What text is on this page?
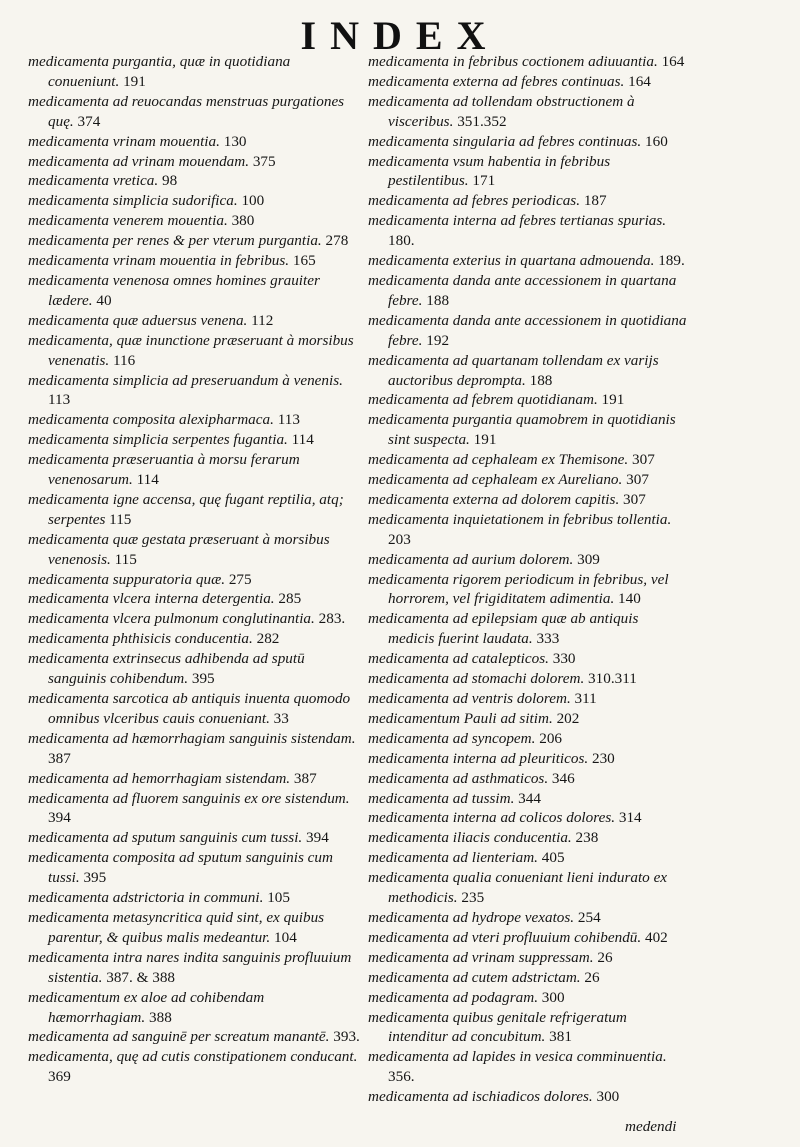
INDEX

medicamenta purgantia, quæ in quotidiana conueniunt. 191

medicamenta ad reuocandas menstruas purgationes quę. 374

medicamenta vrinam mouentia. 130

medicamenta ad vrinam mouendam. 375

medicamenta vretica. 98

medicamenta simplicia sudorifica. 100

medicamenta venerem mouentia. 380

medicamenta per renes & per vterum purgantia. 278

medicamenta vrinam mouentia in febribus. 165

medicamenta venenosa omnes homines grauiter lædere. 40

medicamenta quæ aduersus venena. 112

medicamenta, quæ inunctione præseruant à morsibus venenatis. 116

medicamenta simplicia ad preseruandum à venenis. 113

medicamenta composita alexipharmaca. 113

medicamenta simplicia serpentes fugantia. 114

medicamenta præseruantia à morsu ferarum venenosarum. 114

medicamenta igne accensa, quę fugant reptilia, atq; serpentes 115

medicamenta quæ gestata præseruant à morsibus venenosis. 115

medicamenta suppuratoria quæ. 275

medicamenta vlcera interna detergentia. 285

medicamenta vlcera pulmonum conglutinantia. 283.

medicamenta phthisicis conducentia. 282

medicamenta extrinsecus adhibenda ad sputū sanguinis cohibendum. 395

medicamenta sarcotica ab antiquis inuenta quomodo omnibus vlceribus cauis conueniant. 33

medicamenta ad hæmorrhagiam sanguinis sistendam. 387

medicamenta ad hemorrhagiam sistendam. 387

medicamenta ad fluorem sanguinis ex ore sistendum. 394

medicamenta ad sputum sanguinis cum tussi. 394

medicamenta composita ad sputum sanguinis cum tussi. 395

medicamenta adstrictoria in communi. 105

medicamenta metasyncritica quid sint, ex quibus parentur, & quibus malis medeantur. 104

medicamenta intra nares indita sanguinis profluuium sistentia. 387. & 388

medicamentum ex aloe ad cohibendam hæmorrhagiam. 388

medicamenta ad sanguinē per screatum manantē. 393.

medicamenta, quę ad cutis constipationem conducant. 369

medicamenta in febribus coctionem adiuuantia. 164

medicamenta externa ad febres continuas. 164

medicamenta ad tollendam obstructionem à visceribus. 351.352

medicamenta singularia ad febres continuas. 160

medicamenta vsum habentia in febribus pestilentibus. 171

medicamenta ad febres periodicas. 187

medicamenta interna ad febres tertianas spurias. 180.

medicamenta exterius in quartana admouenda. 189.

medicamenta danda ante accessionem in quartana febre. 188

medicamenta danda ante accessionem in quotidiana febre. 192

medicamenta ad quartanam tollendam ex varijs auctoribus deprompta. 188

medicamenta ad febrem quotidianam. 191

medicamenta purgantia quamobrem in quotidianis sint suspecta. 191

medicamenta ad cephaleam ex Themisone. 307

medicamenta ad cephaleam ex Aureliano. 307

medicamenta externa ad dolorem capitis. 307

medicamenta inquietationem in febribus tollentia. 203

medicamenta ad aurium dolorem. 309

medicamenta rigorem periodicum in febribus, vel horrorem, vel frigiditatem adimentia. 140

medicamenta ad epilepsiam quæ ab antiquis medicis fuerint laudata. 333

medicamenta ad catalepticos. 330

medicamenta ad stomachi dolorem. 310.311

medicamenta ad ventris dolorem. 311

medicamentum Pauli ad sitim. 202

medicamenta ad syncopem. 206

medicamenta interna ad pleuriticos. 230

medicamenta ad asthmaticos. 346

medicamenta ad tussim. 344

medicamenta interna ad colicos dolores. 314

medicamenta iliacis conducentia. 238

medicamenta ad lienteriam. 405

medicamenta qualia conueniant lieni indurato ex methodicis. 235

medicamenta ad hydrope vexatos. 254

medicamenta ad vteri profluuium cohibendū. 402

medicamenta ad vrinam suppressam. 26

medicamenta ad cutem adstrictam. 26

medicamenta ad podagram. 300

medicamenta quibus genitale refrigeratum intenditur ad concubitum. 381

medicamenta ad lapides in vesica comminuentia. 356.

medicamenta ad ischiadicos dolores. 300

medendi
